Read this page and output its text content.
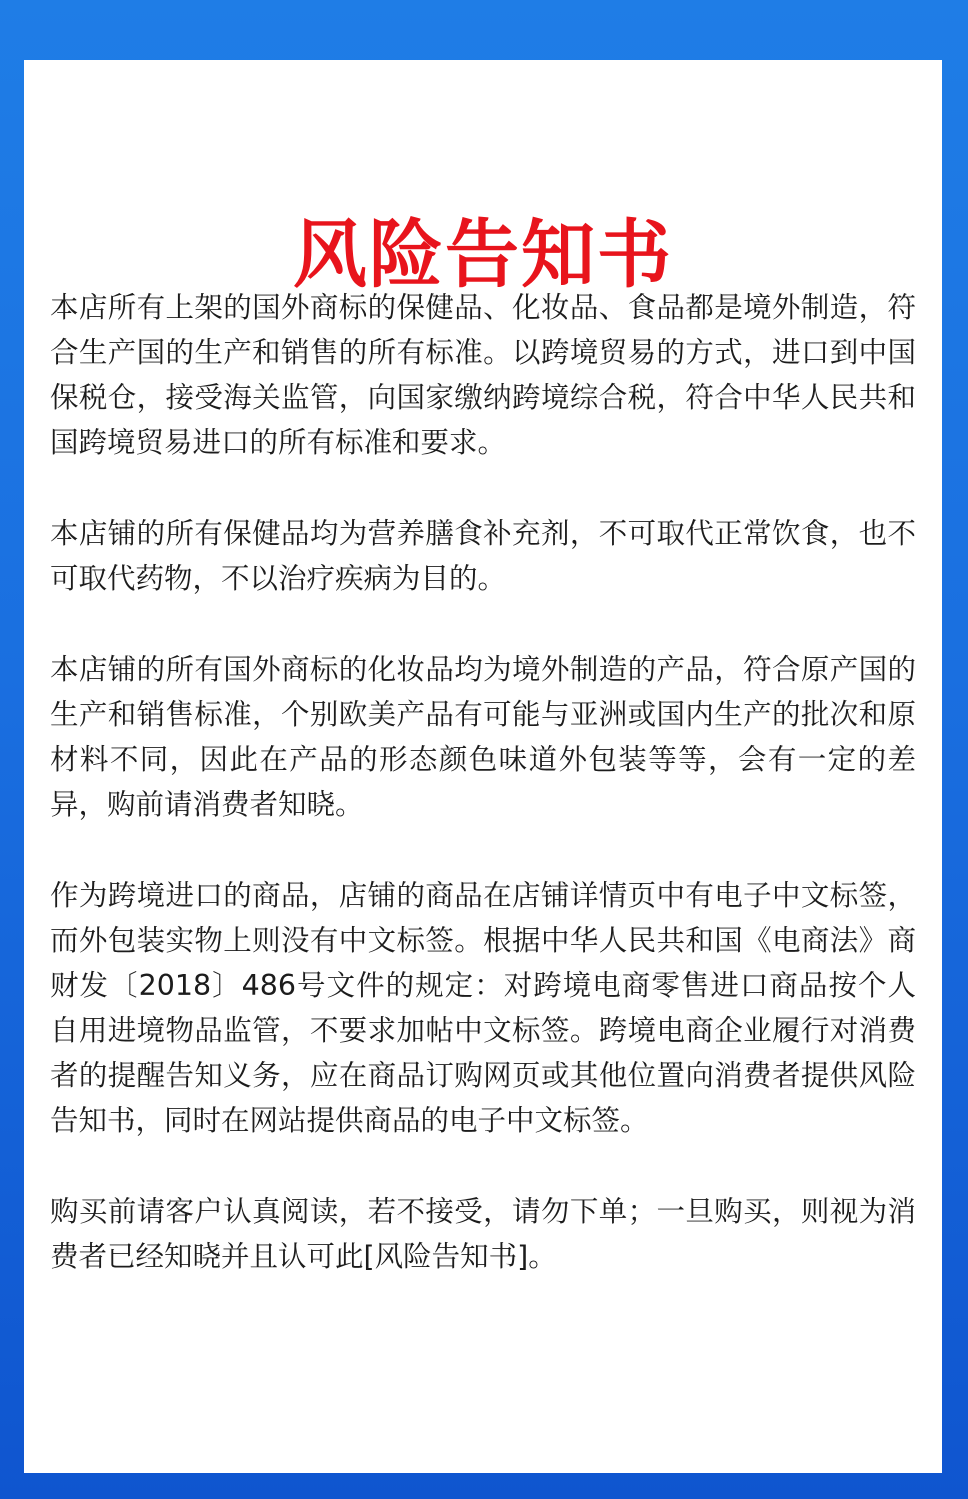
风险告知书

本店所有上架的国外商标的保健品、化妆品、食品都是境外制造，符合生产国的生产和销售的所有标准。以跨境贸易的方式，进口到中国保税仓，接受海关监管，向国家缴纳跨境综合税，符合中华人民共和国跨境贸易进口的所有标准和要求。

本店铺的所有保健品均为营养膳食补充剂，不可取代正常饮食，也不可取代药物，不以治疗疾病为目的。

本店铺的所有国外商标的化妆品均为境外制造的产品，符合原产国的生产和销售标准，个别欧美产品有可能与亚洲或国内生产的批次和原材料不同，因此在产品的形态颜色味道外包装等等，会有一定的差异，购前请消费者知晓。

作为跨境进口的商品，店铺的商品在店铺详情页中有电子中文标签，而外包装实物上则没有中文标签。根据中华人民共和国《电商法》商财发〔2018〕486号文件的规定：对跨境电商零售进口商品按个人自用进境物品监管，不要求加帖中文标签。跨境电商企业履行对消费者的提醒告知义务，应在商品订购网页或其他位置向消费者提供风险告知书，同时在网站提供商品的电子中文标签。

购买前请客户认真阅读，若不接受，请勿下单；一旦购买，则视为消费者已经知晓并且认可此[风险告知书]。
